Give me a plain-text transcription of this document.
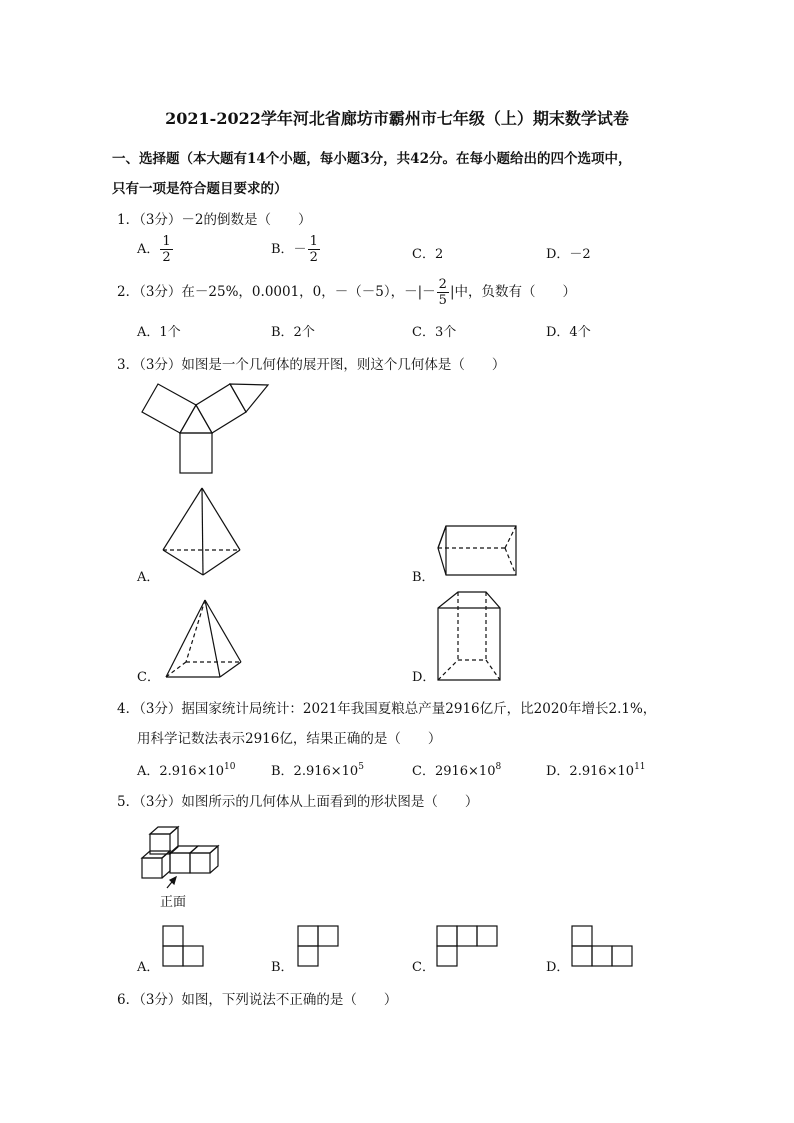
2021-2022学年河北省廊坊市霸州市七年级（上）期末数学试卷
一、选择题（本大题有14个小题，每小题3分，共42分。在每小题给出的四个选项中，
只有一项是符合题目要求的）
1．（3分）－2的倒数是（　　）
A． $\frac{1}{2}$	B．－ $\frac{1}{2}$	C．2	D．－2
2．（3分）在－25%，0.0001，0，－（－5），－|－ $\frac{2}{5}$ |中，负数有（　　）
A．1个	B．2个	C．3个	D．4个
3．（3分）如图是一个几何体的展开图，则这个几何体是（　　）
A．	B．
C．	D．
4．（3分）据国家统计局统计：2021年我国夏粮总产量2916亿斤，比2020年增长2.1%，
用科学记数法表示2916亿，结果正确的是（　　）
A．$2.916\times 10^{10}$	B．$2.916\times 10^5$	C．$2916\times 10^8$	D．$2.916\times 10^{11}$
5．（3分）如图所示的几何体从上面看到的形状图是（　　）
正面
A．	B．	C．	D．
6．（3分）如图，下列说法不正确的是（　　）
